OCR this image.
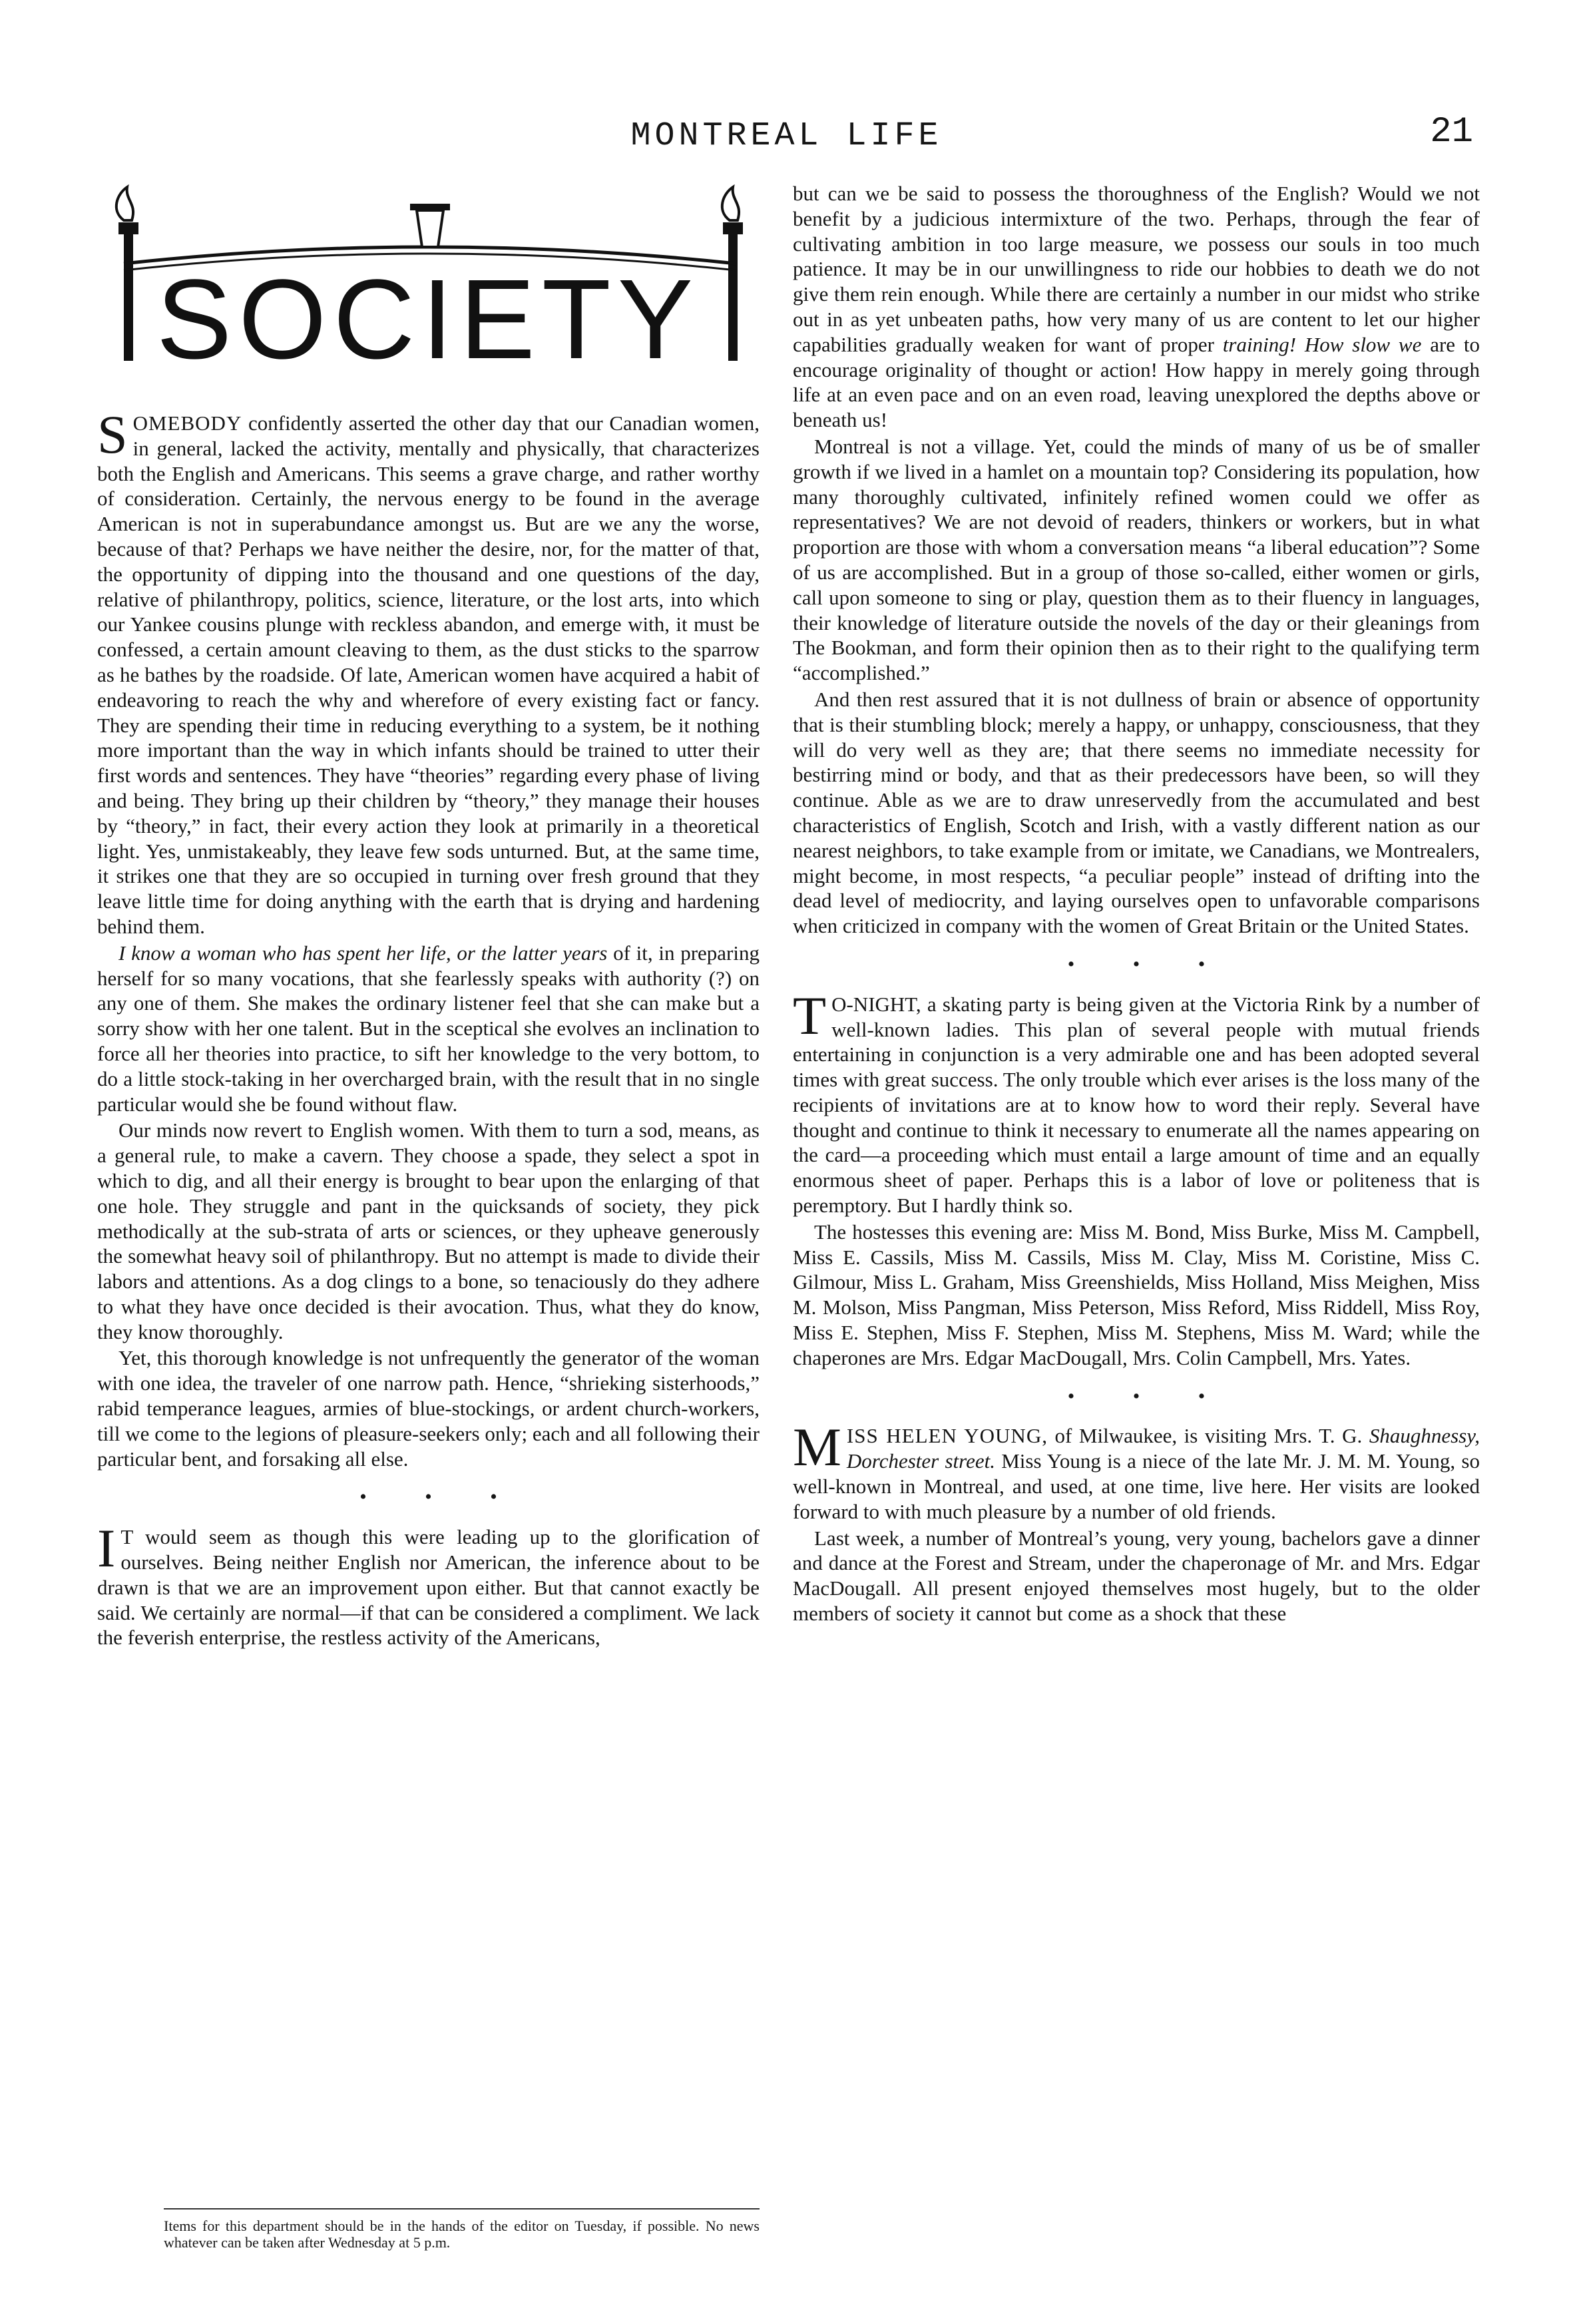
MONTREAL LIFE	21
SOCIETY

SOMEBODY confidently asserted the other day that our Canadian women, in general, lacked the activity, mentally and physically, that characterizes both the English and Americans. This seems a grave charge, and rather worthy of consideration. Certainly, the nervous energy to be found in the average American is not in superabundance amongst us. But are we any the worse, because of that? Perhaps we have neither the desire, nor, for the matter of that, the opportunity of dipping into the thousand and one questions of the day, relative of philanthropy, politics, science, literature, or the lost arts, into which our Yankee cousins plunge with reckless abandon, and emerge with, it must be confessed, a certain amount cleaving to them, as the dust sticks to the sparrow as he bathes by the roadside. Of late, American women have acquired a habit of endeavoring to reach the why and wherefore of every existing fact or fancy. They are spending their time in reducing everything to a system, be it nothing more important than the way in which infants should be trained to utter their first words and sentences. They have “theories” regarding every phase of living and being. They bring up their children by “theory,” they manage their houses by “theory,” in fact, their every action they look at primarily in a theoretical light. Yes, unmistakeably, they leave few sods unturned. But, at the same time, it strikes one that they are so occupied in turning over fresh ground that they leave little time for doing anything with the earth that is drying and hardening behind them.

I know a woman who has spent her life, or the latter years of it, in preparing herself for so many vocations, that she fearlessly speaks with authority (?) on any one of them. She makes the ordinary listener feel that she can make but a sorry show with her one talent. But in the sceptical she evolves an inclination to force all her theories into practice, to sift her knowledge to the very bottom, to do a little stock-taking in her overcharged brain, with the result that in no single particular would she be found without flaw.

Our minds now revert to English women. With them to turn a sod, means, as a general rule, to make a cavern. They choose a spade, they select a spot in which to dig, and all their energy is brought to bear upon the enlarging of that one hole. They struggle and pant in the quicksands of society, they pick methodically at the sub-strata of arts or sciences, or they upheave generously the somewhat heavy soil of philanthropy. But no attempt is made to divide their labors and attentions. As a dog clings to a bone, so tenaciously do they adhere to what they have once decided is their avocation. Thus, what they do know, they know thoroughly.

Yet, this thorough knowledge is not unfrequently the generator of the woman with one idea, the traveler of one narrow path. Hence, “shrieking sisterhoods,” rabid temperance leagues, armies of blue-stockings, or ardent church-workers, till we come to the legions of pleasure-seekers only; each and all following their particular bent, and forsaking all else.

• • •

I T would seem as though this were leading up to the glorification of ourselves. Being neither English nor American, the inference about to be drawn is that we are an improvement upon either. But that cannot exactly be said. We certainly are normal—if that can be considered a compliment. We lack the feverish enterprise, the restless activity of the Americans,

Items for this department should be in the hands of the editor on Tuesday, if possible. No news whatever can be taken after Wednesday at 5 p.m.

but can we be said to possess the thoroughness of the English? Would we not benefit by a judicious intermixture of the two. Perhaps, through the fear of cultivating ambition in too large measure, we possess our souls in too much patience. It may be in our unwillingness to ride our hobbies to death we do not give them rein enough. While there are certainly a number in our midst who strike out in as yet unbeaten paths, how very many of us are content to let our higher capabilities gradually weaken for want of proper training! How slow we are to encourage originality of thought or action! How happy in merely going through life at an even pace and on an even road, leaving unexplored the depths above or beneath us!

Montreal is not a village. Yet, could the minds of many of us be of smaller growth if we lived in a hamlet on a mountain top? Considering its population, how many thoroughly cultivated, infinitely refined women could we offer as representatives? We are not devoid of readers, thinkers or workers, but in what proportion are those with whom a conversation means “a liberal education”? Some of us are accomplished. But in a group of those so-called, either women or girls, call upon someone to sing or play, question them as to their fluency in languages, their knowledge of literature outside the novels of the day or their gleanings from The Bookman, and form their opinion then as to their right to the qualifying term “accomplished.”

And then rest assured that it is not dullness of brain or absence of opportunity that is their stumbling block; merely a happy, or unhappy, consciousness, that they will do very well as they are; that there seems no immediate necessity for bestirring mind or body, and that as their predecessors have been, so will they continue. Able as we are to draw unreservedly from the accumulated and best characteristics of English, Scotch and Irish, with a vastly different nation as our nearest neighbors, to take example from or imitate, we Canadians, we Montrealers, might become, in most respects, “a peculiar people” instead of drifting into the dead level of mediocrity, and laying ourselves open to unfavorable comparisons when criticized in company with the women of Great Britain or the United States.

• • •

T O-NIGHT, a skating party is being given at the Victoria Rink by a number of well-known ladies. This plan of several people with mutual friends entertaining in conjunction is a very admirable one and has been adopted several times with great success. The only trouble which ever arises is the loss many of the recipients of invitations are at to know how to word their reply. Several have thought and continue to think it necessary to enumerate all the names appearing on the card—a proceeding which must entail a large amount of time and an equally enormous sheet of paper. Perhaps this is a labor of love or politeness that is peremptory. But I hardly think so.

The hostesses this evening are: Miss M. Bond, Miss Burke, Miss M. Campbell, Miss E. Cassils, Miss M. Cassils, Miss M. Clay, Miss M. Coristine, Miss C. Gilmour, Miss L. Graham, Miss Greenshields, Miss Holland, Miss Meighen, Miss M. Molson, Miss Pangman, Miss Peterson, Miss Reford, Miss Riddell, Miss Roy, Miss E. Stephen, Miss F. Stephen, Miss M. Stephens, Miss M. Ward; while the chaperones are Mrs. Edgar MacDougall, Mrs. Colin Campbell, Mrs. Yates.

• • •

MISS HELEN YOUNG, of Milwaukee, is visiting Mrs. T. G. Shaughnessy, Dorchester street. Miss Young is a niece of the late Mr. J. M. M. Young, so well-known in Montreal, and used, at one time, live here. Her visits are looked forward to with much pleasure by a number of old friends.

Last week, a number of Montreal’s young, very young, bachelors gave a dinner and dance at the Forest and Stream, under the chaperonage of Mr. and Mrs. Edgar MacDougall. All present enjoyed themselves most hugely, but to the older members of society it cannot but come as a shock that these
